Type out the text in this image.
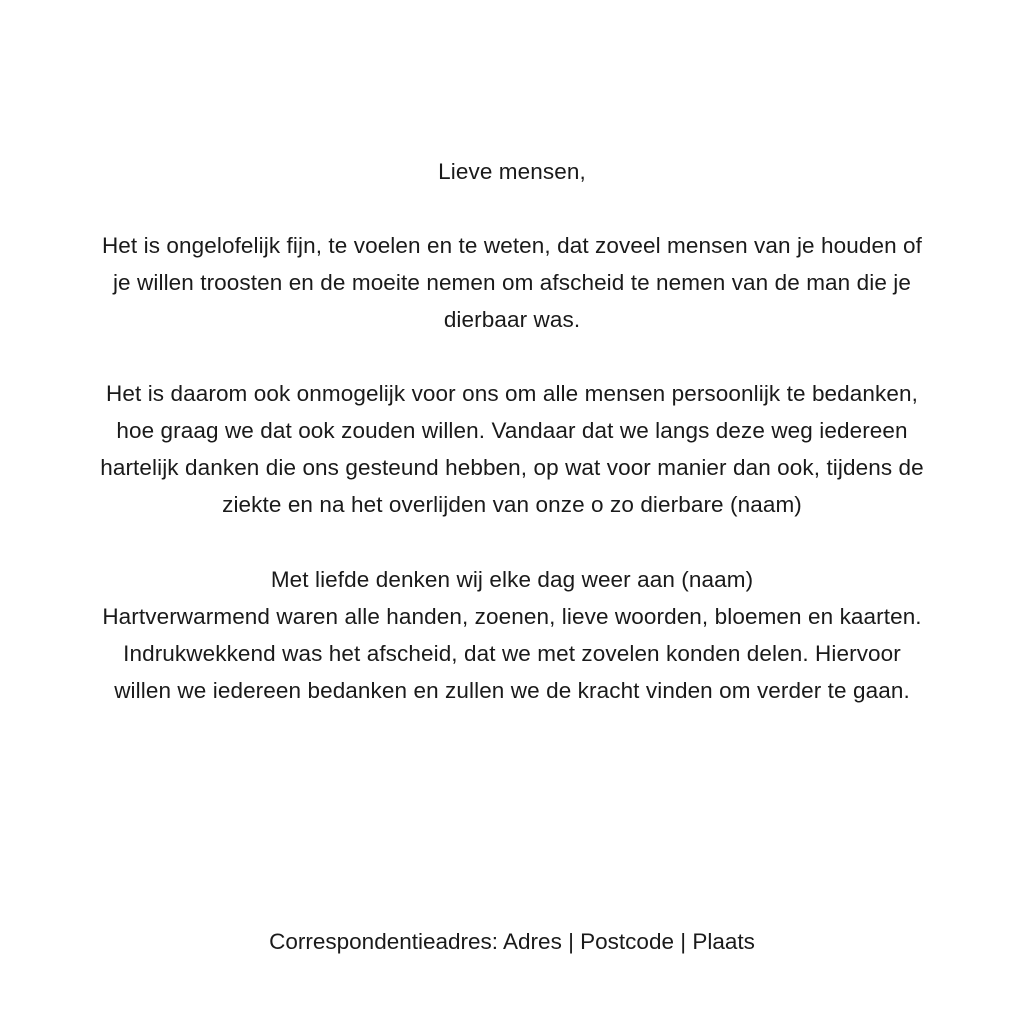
Lieve mensen,
Het is ongelofelijk fijn, te voelen en te weten, dat zoveel mensen van je houden of
je willen troosten en de moeite nemen om afscheid te nemen van de man die je
dierbaar was.
Het is daarom ook onmogelijk voor ons om alle mensen persoonlijk te bedanken,
hoe graag we dat ook zouden willen. Vandaar dat we langs deze weg iedereen
hartelijk danken die ons gesteund hebben, op wat voor manier dan ook, tijdens de
ziekte en na het overlijden van onze o zo dierbare (naam)
Met liefde denken wij elke dag weer aan (naam)
Hartverwarmend waren alle handen, zoenen, lieve woorden, bloemen en kaarten.
Indrukwekkend was het afscheid, dat we met zovelen konden delen. Hiervoor
willen we iedereen bedanken en zullen we de kracht vinden om verder te gaan.
Correspondentieadres: Adres | Postcode | Plaats
